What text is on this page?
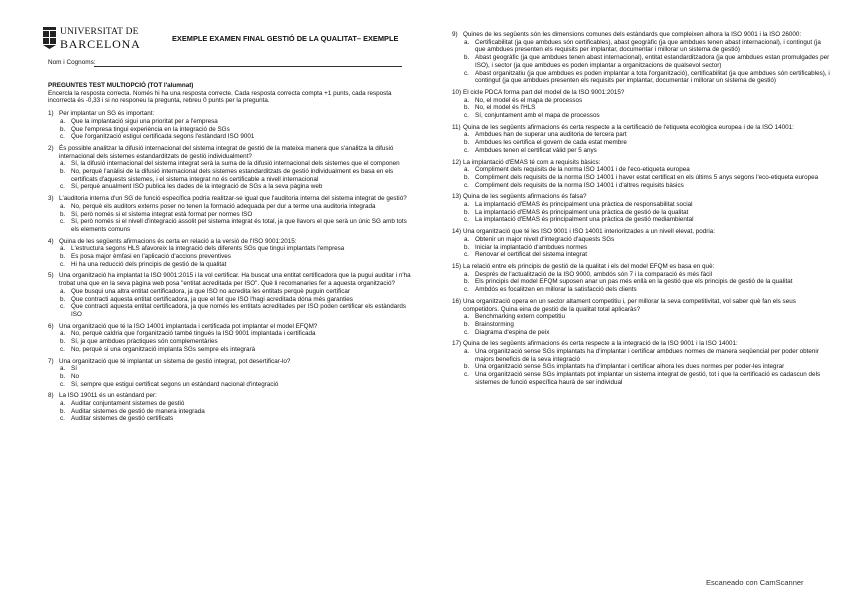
UNIVERSITAT DE
BARCELONA	EXEMPLE EXAMEN FINAL GESTIÓ DE LA QUALITAT– EXEMPLE
Nom i Cognoms:
PREGUNTES TEST MULTIOPCIÓ (TOT l'alumnat)
Encercla la resposta correcta. Només hi ha una resposta correcte. Cada resposta correcta compta +1 punts, cada resposta incorrecta és -0,33 i si no responeu la pregunta, rebreu 0 punts per la pregunta.
1) Per implantar un SG és important:
a. Que la implantació sigui una prioritat per a l'empresa
b. Que l'empresa tingui experiència en la integració de SGs
c. Que l'organització estigui certificada segons l'estàndard ISO 9001
2) És possible analitzar la difusió internacional del sistema integrat de gestió de la mateixa manera que s'analitza la difusió internacional dels sistemes estandarditzats de gestió individualment?
a. Sí, la difusió internacional del sistema integrat serà la suma de la difusió internacional dels sistemes que el componen
b. No, perquè l'anàlisi de la difusió internacional dels sistemes estandarditzats de gestió individualment es basa en els certificats d'aquests sistemes, i el sistema integrat no és certificable a nivell internacional
c. Sí, perquè anualment ISO publica les dades de la integració de SGs a la seva pàgina web
3) L'auditoria interna d'un SG de funció específica podria realitzar-se igual que l'auditoria interna del sistema integrat de gestió?
a. No, perquè els auditors externs poser no tenen la formació adequada per dur a terme una auditoria integrada
b. Sí, però només si el sistema integrat està format per normes ISO
c. Sí, però només si el nivell d'integració assolit pel sistema integrat és total, ja que llavors el que serà un únic SG amb tots els elements comuns
4) Quina de les següents afirmacions és certa en relació a la versió de l'ISO 9001:2015:
a. L'estructura segons HLS afavoreix la integració dels diferents SGs que tingui implantats l'empresa
b. Es posa major èmfasi en l'aplicació d'accions preventives
c. Hi ha una reducció dels principis de gestió de la qualitat
5) Una organització ha implantat la ISO 9001:2015 i la vol certificar. Ha buscat una entitat certificadora que la pugui auditar i n'ha trobat una que en la seva pàgina web posa "entitat acreditada per ISO". Què li recomanaries fer a aquesta organització?
a. Que busqui una altra entitat certificadora, ja que ISO no acredita les entitats perquè puguin certificar
b. Que contracti aquesta entitat certificadora, ja que el fet que ISO l'hagi acreditada dóna més garanties
c. Que contracti aquesta entitat certificadora, ja que només les entitats acreditades per ISO poden certificar els estàndards ISO
6) Una organització que té la ISO 14001 implantada i certificada pot implantar el model EFQM?
a. No, perquè caldria que l'organització també tingués la ISO 9001 implantada i certificada
b. Sí, ja que ambdues pràctiques són complementàries
c. No, perquè si una organització implanta SGs sempre els integrarà
7) Una organització que té implantat un sistema de gestió integrat, pot desertificar-lo?
a. Sí
b. No
c. Sí, sempre que estigui certificat segons un estàndard nacional d'integració
8) La ISO 19011 és un estàndard per:
a. Auditar conjuntament sistemes de gestió
b. Auditar sistemes de gestió de manera integrada
c. Auditar sistemes de gestió certificats
9) Quines de les següents són les dimensions comunes dels estàndards que compleixen alhora la ISO 9001 i la ISO 26000:
a. Certificabilitat (ja que ambdues són certificables), abast geogràfic (ja que ambdues tenen abast internacional), i contingut (ja que ambdues presenten els requisits per implantar, documentar i millorar un sistema de gestió)
b. Abast geogràfic (ja que ambdues tenen abast internacional), entitat estandarditzadora (ja que ambdues estan promulgades per ISO), i sector (ja que ambdues es poden implantar a organitzacions de qualsevol sector)
c. Abast organitzatiu (ja que ambdues es poden implantar a tota l'organització), certificabilitat (ja que ambdues són certificables), i contingut (ja que ambdues presenten els requisits per implantar, documentar i millorar un sistema de gestió)
10) El cicle PDCA forma part del model de la ISO 9001:2015?
a. No, el model és el mapa de processos
b. No, el model és l'HLS
c. Sí, conjuntament amb el mapa de processos
11) Quina de les següents afirmacions és certa respecte a la certificació de l'etiqueta ecològica europea i de la ISO 14001:
a. Ambdues han de superar una auditoria de tercera part
b. Ambdues les certifica el govern de cada estat membre
c. Ambdues tenen el certificat vàlid per 5 anys
12) La implantació d'EMAS té com a requisits bàsics:
a. Compliment dels requisits de la norma ISO 14001 i de l'eco-etiqueta europea
b. Compliment dels requisits de la norma ISO 14001 i haver estat certificat en els últims 5 anys segons l'eco-etiqueta europea
c. Compliment dels requisits de la norma ISO 14001 i d'altres requisits bàsics
13) Quina de les següents afirmacions és falsa?
a. La implantació d'EMAS és principalment una pràctica de responsabilitat social
b. La implantació d'EMAS és principalment una pràctica de gestió de la qualitat
c. La implantació d'EMAS és principalment una pràctica de gestió mediambiental
14) Una organització que té les ISO 9001 i ISO 14001 interioritzades a un nivell elevat, podria:
a. Obtenir un major nivell d'integració d'aquests SGs
b. Iniciar la implantació d'ambdues normes
c. Renovar el certificat del sistema integrat
15) La relació entre els principis de gestió de la qualitat i els del model EFQM es basa en què:
a. Després de l'actualització de la ISO 9000, ambdós són 7 i la comparació és més fàcil
b. Els principis del model EFQM suposen anar un pas més enllà en la gestió que els principis de gestió de la qualitat
c. Ambdós es focalitzen en millorar la satisfacció dels clients
16) Una organització opera en un sector altament competitiu i, per millorar la seva competitivitat, vol saber què fan els seus competidors. Quina eina de gestió de la qualitat total aplicaràs?
a. Benchmarking extern competitiu
b. Brainstorming
c. Diagrama d'espina de peix
17) Quina de les següents afirmacions és certa respecte a la integració de la ISO 9001 i la ISO 14001:
a. Una organització sense SGs implantats ha d'implantar i certificar ambdues normes de manera seqüencial per poder obtenir majors beneficis de la seva integració
b. Una organització sense SGs implantats ha d'implantar i certificar alhora les dues normes per poder-les integrar
c. Una organització sense SGs implantats pot implantar un sistema integrat de gestió, tot i que la certificació es cadascun dels sistemes de funció específica haurà de ser individual
Escaneado con CamScanner
